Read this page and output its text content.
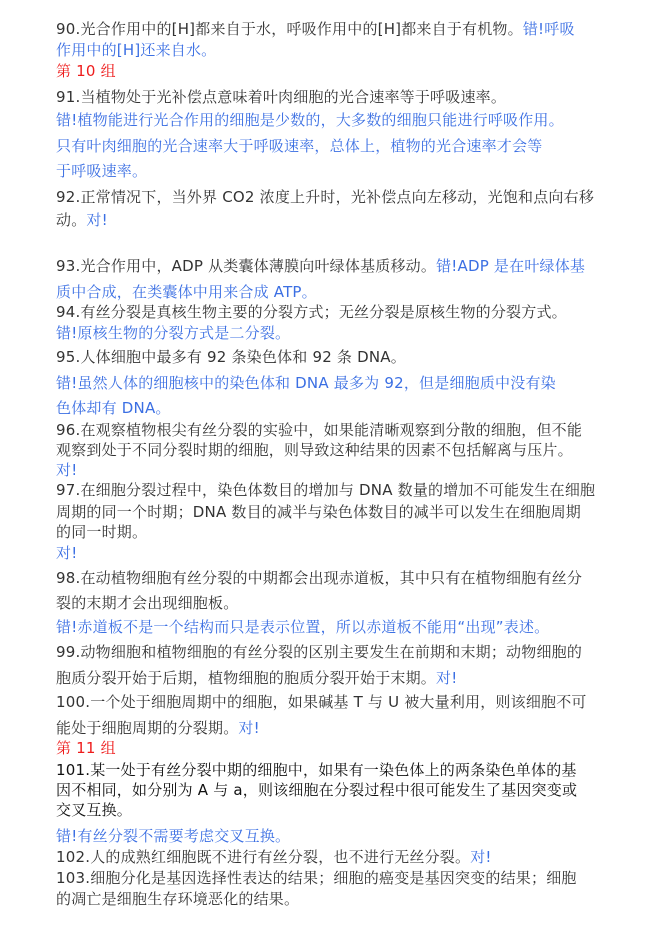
90.光合作用中的[H]都来自于水，呼吸作用中的[H]都来自于有机物。错!呼吸
作用中的[H]还来自水。
第 10 组
91.当植物处于光补偿点意味着叶肉细胞的光合速率等于呼吸速率。
错!植物能进行光合作用的细胞是少数的，大多数的细胞只能进行呼吸作用。
只有叶肉细胞的光合速率大于呼吸速率，总体上，植物的光合速率才会等
于呼吸速率。
92.正常情况下，当外界 CO2 浓度上升时，光补偿点向左移动，光饱和点向右移
动。对!
93.光合作用中，ADP 从类囊体薄膜向叶绿体基质移动。错!ADP 是在叶绿体基
质中合成，在类囊体中用来合成 ATP。
94.有丝分裂是真核生物主要的分裂方式；无丝分裂是原核生物的分裂方式。
错!原核生物的分裂方式是二分裂。
95.人体细胞中最多有 92 条染色体和 92 条 DNA。
错!虽然人体的细胞核中的染色体和 DNA 最多为 92，但是细胞质中没有染
色体却有 DNA。
96.在观察植物根尖有丝分裂的实验中，如果能清晰观察到分散的细胞，但不能
观察到处于不同分裂时期的细胞，则导致这种结果的因素不包括解离与压片。
对!
97.在细胞分裂过程中，染色体数目的增加与 DNA 数量的增加不可能发生在细胞
周期的同一个时期；DNA 数目的减半与染色体数目的减半可以发生在细胞周期
的同一时期。
对!
98.在动植物细胞有丝分裂的中期都会出现赤道板，其中只有在植物细胞有丝分
裂的末期才会出现细胞板。
错!赤道板不是一个结构而只是表示位置，所以赤道板不能用“出现”表述。
99.动物细胞和植物细胞的有丝分裂的区别主要发生在前期和末期；动物细胞的
胞质分裂开始于后期，植物细胞的胞质分裂开始于末期。对!
100.一个处于细胞周期中的细胞，如果碱基 T 与 U 被大量利用，则该细胞不可
能处于细胞周期的分裂期。对!
第 11 组
101.某一处于有丝分裂中期的细胞中，如果有一染色体上的两条染色单体的基
因不相同，如分别为 A 与 a，则该细胞在分裂过程中很可能发生了基因突变或
交叉互换。
错!有丝分裂不需要考虑交叉互换。
102.人的成熟红细胞既不进行有丝分裂，也不进行无丝分裂。对!
103.细胞分化是基因选择性表达的结果；细胞的癌变是基因突变的结果；细胞
的凋亡是细胞生存环境恶化的结果。
